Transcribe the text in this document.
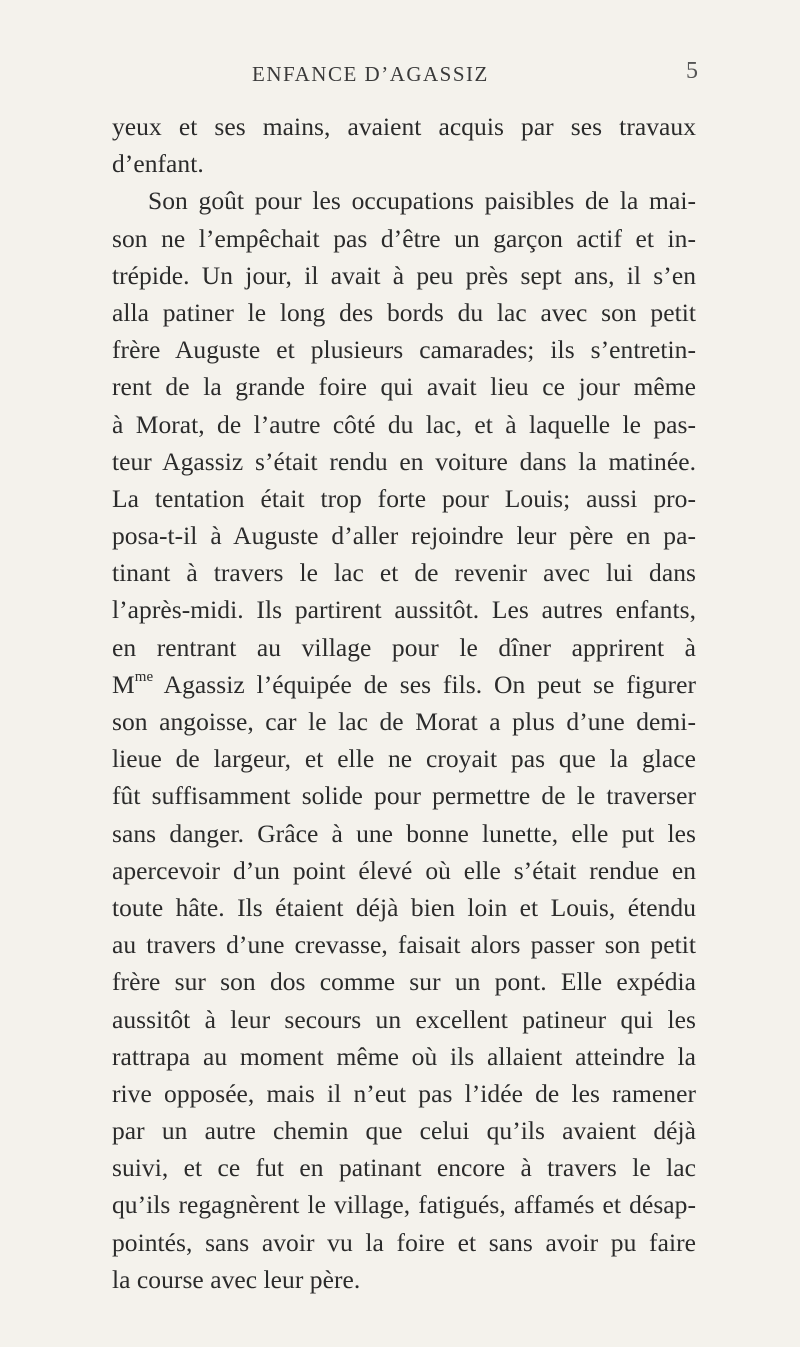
ENFANCE D’AGASSIZ	5
yeux et ses mains, avaient acquis par ses travaux
d’enfant.
Son goût pour les occupations paisibles de la mai-
son ne l’empêchait pas d’être un garçon actif et in-
trépide. Un jour, il avait à peu près sept ans, il s’en
alla patiner le long des bords du lac avec son petit
frère Auguste et plusieurs camarades; ils s’entretin-
rent de la grande foire qui avait lieu ce jour même
à Morat, de l’autre côté du lac, et à laquelle le pas-
teur Agassiz s’était rendu en voiture dans la matinée.
La tentation était trop forte pour Louis; aussi pro-
posa-t-il à Auguste d’aller rejoindre leur père en pa-
tinant à travers le lac et de revenir avec lui dans
l’après-midi. Ils partirent aussitôt. Les autres enfants,
en rentrant au village pour le dîner apprirent à
$M^{me}$ Agassiz l’équipée de ses fils. On peut se figurer
son angoisse, car le lac de Morat a plus d’une demi-
lieue de largeur, et elle ne croyait pas que la glace
fût suffisamment solide pour permettre de le traverser
sans danger. Grâce à une bonne lunette, elle put les
apercevoir d’un point élevé où elle s’était rendue en
toute hâte. Ils étaient déjà bien loin et Louis, étendu
au travers d’une crevasse, faisait alors passer son petit
frère sur son dos comme sur un pont. Elle expédia
aussitôt à leur secours un excellent patineur qui les
rattrapa au moment même où ils allaient atteindre la
rive opposée, mais il n’eut pas l’idée de les ramener
par un autre chemin que celui qu’ils avaient déjà
suivi, et ce fut en patinant encore à travers le lac
qu’ils regagnèrent le village, fatigués, affamés et désap-
pointés, sans avoir vu la foire et sans avoir pu faire
la course avec leur père.
